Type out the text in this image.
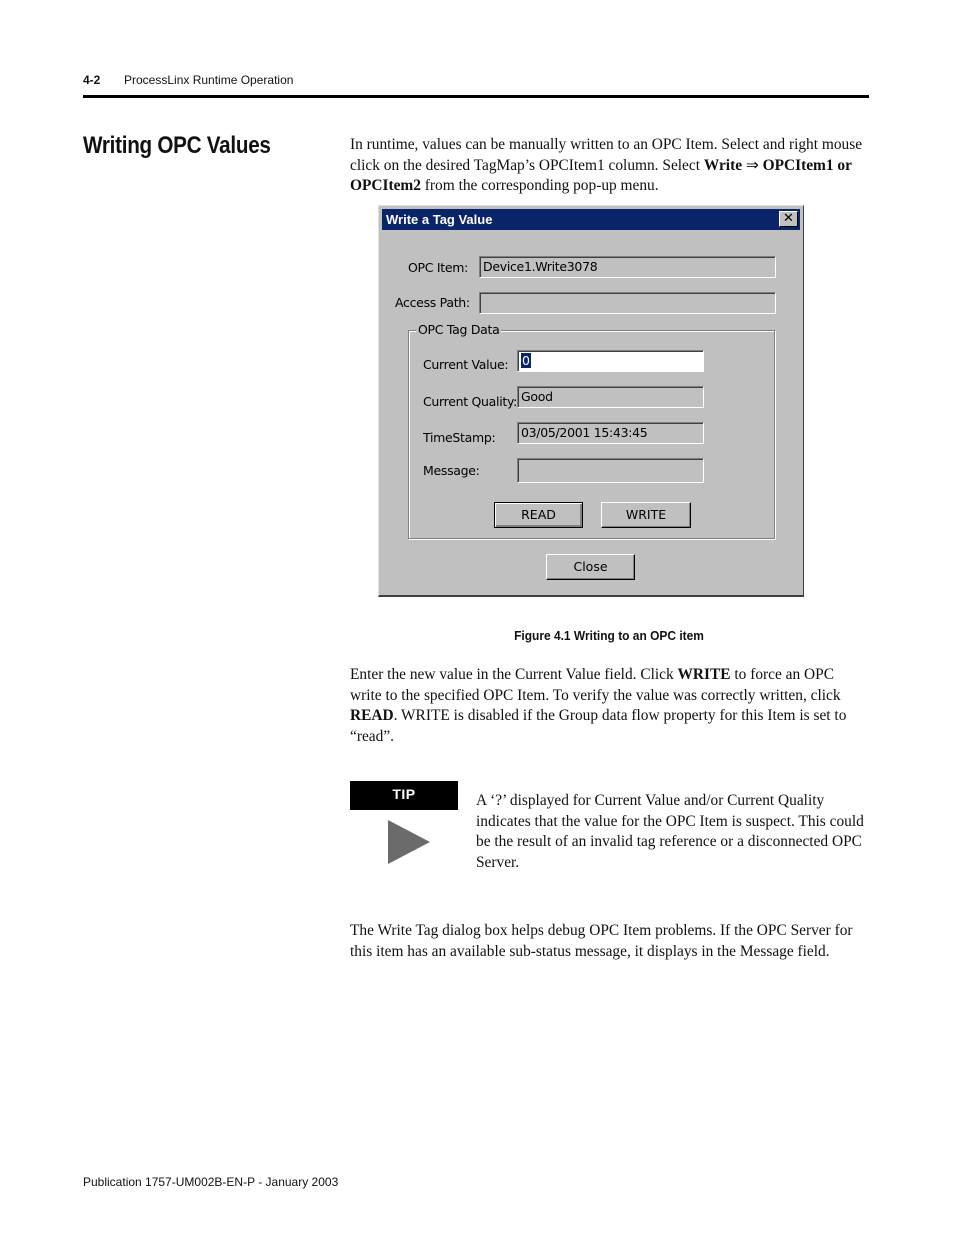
4-2 ProcessLinx Runtime Operation
Writing OPC Values	In runtime, values can be manually written to an OPC Item. Select and right mouse click on the desired TagMap’s OPCItem1 column. Select Write ⇒ OPCItem1 or OPCItem2 from the corresponding pop-up menu.
Write a Tag Value	✕
OPC Item:	Device1.Write3078
Access Path:
OPC Tag Data
Current Value:	0
Current Quality: Good
TimeStamp:	03/05/2001 15:43:45
Message:
READ	WRITE
Close
Figure 4.1 Writing to an OPC item
Enter the new value in the Current Value field. Click WRITE to force an OPC write to the specified OPC Item. To verify the value was correctly written, click READ. WRITE is disabled if the Group data flow property for this Item is set to “read”.
TIP	A ‘?’ displayed for Current Value and/or Current Quality indicates that the value for the OPC Item is suspect. This could be the result of an invalid tag reference or a disconnected OPC Server.
The Write Tag dialog box helps debug OPC Item problems. If the OPC Server for this item has an available sub-status message, it displays in the Message field.
Publication 1757-UM002B-EN-P - January 2003
